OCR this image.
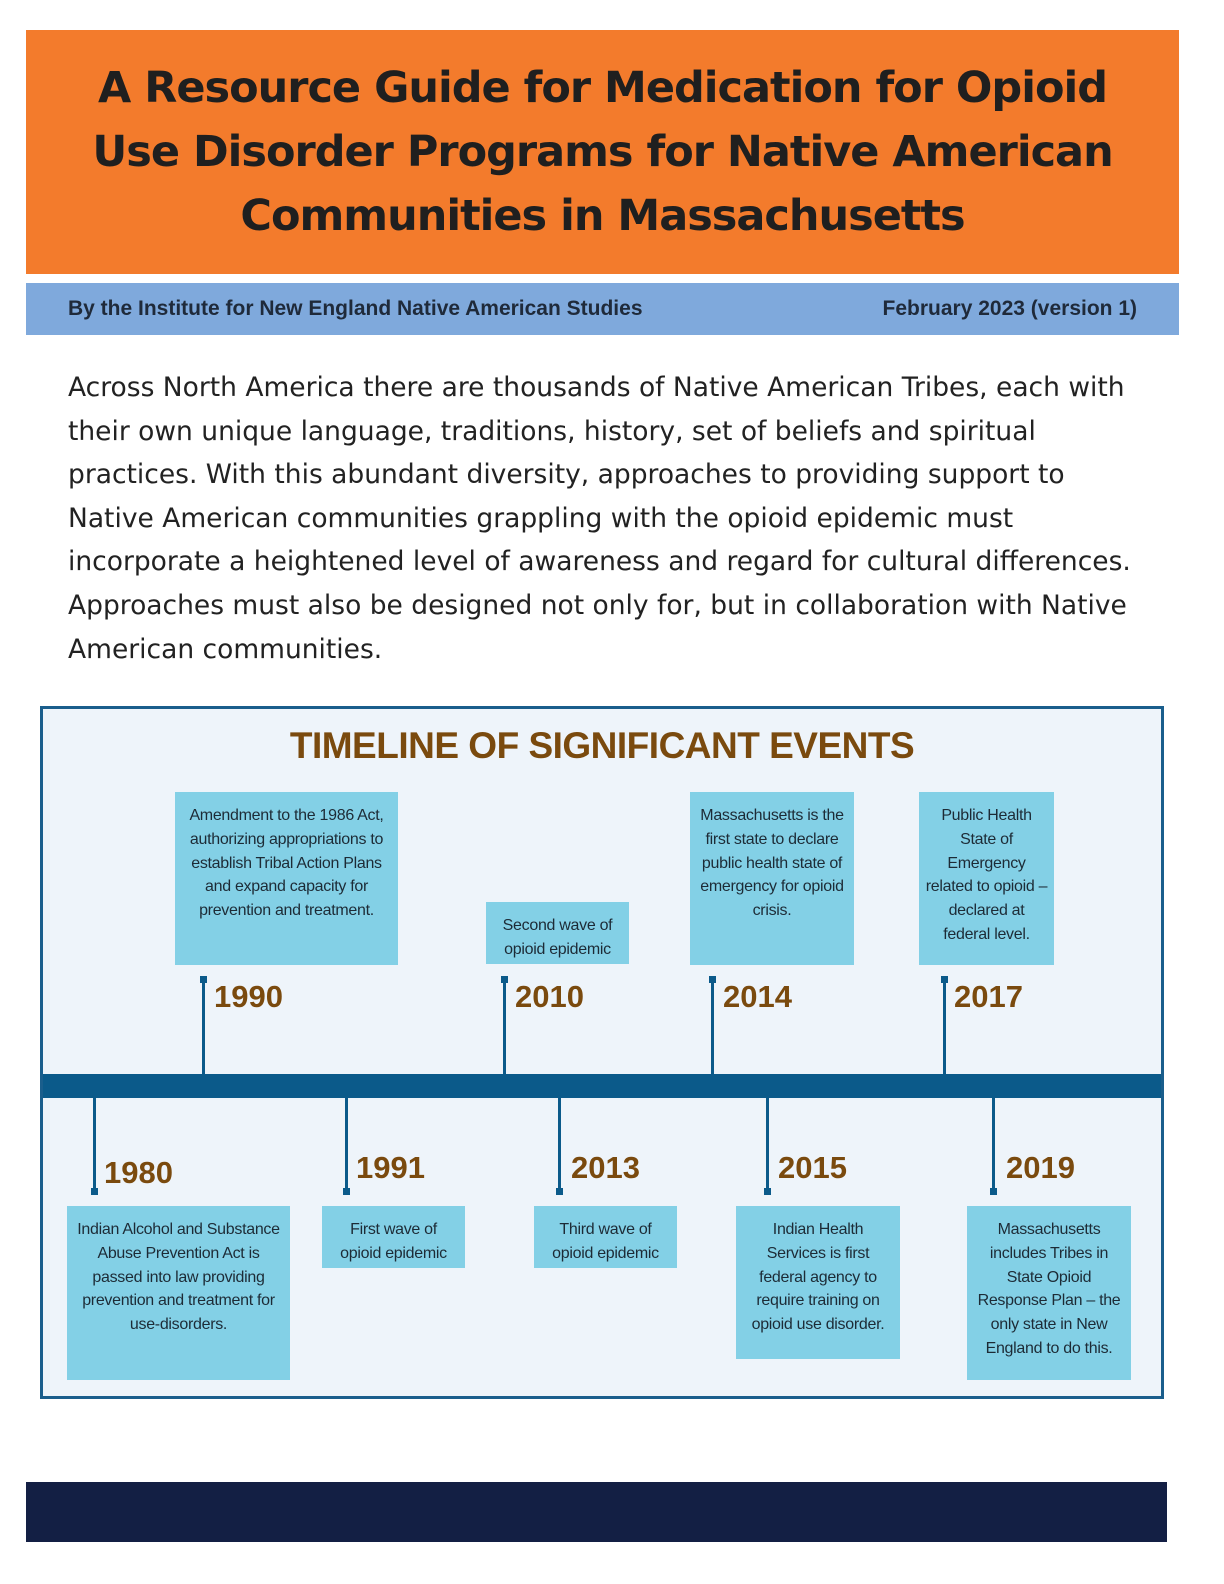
A Resource Guide for Medication for Opioid Use Disorder Programs for Native American Communities in Massachusetts
By the Institute for New England Native American Studies	February 2023 (version 1)

Across North America there are thousands of Native American Tribes, each with their own unique language, traditions, history, set of beliefs and spiritual practices. With this abundant diversity, approaches to providing support to Native American communities grappling with the opioid epidemic must incorporate a heightened level of awareness and regard for cultural differences. Approaches must also be designed not only for, but in collaboration with Native American communities.

TIMELINE OF SIGNIFICANT EVENTS
1980
Indian Alcohol and Substance Abuse Prevention Act is passed into law providing prevention and treatment for use-disorders.
Amendment to the 1986 Act, authorizing appropriations to establish Tribal Action Plans and expand capacity for prevention and treatment.
1990
1991
First wave of opioid epidemic
Second wave of opioid epidemic
2010
2013
Third wave of opioid epidemic
Massachusetts is the first state to declare public health state of emergency for opioid crisis.
2014
2015
Indian Health Services is first federal agency to require training on opioid use disorder.
Public Health State of Emergency related to opioid –declared at federal level.
2017
2019
Massachusetts includes Tribes in State Opioid Response Plan – the only state in New England to do this.
